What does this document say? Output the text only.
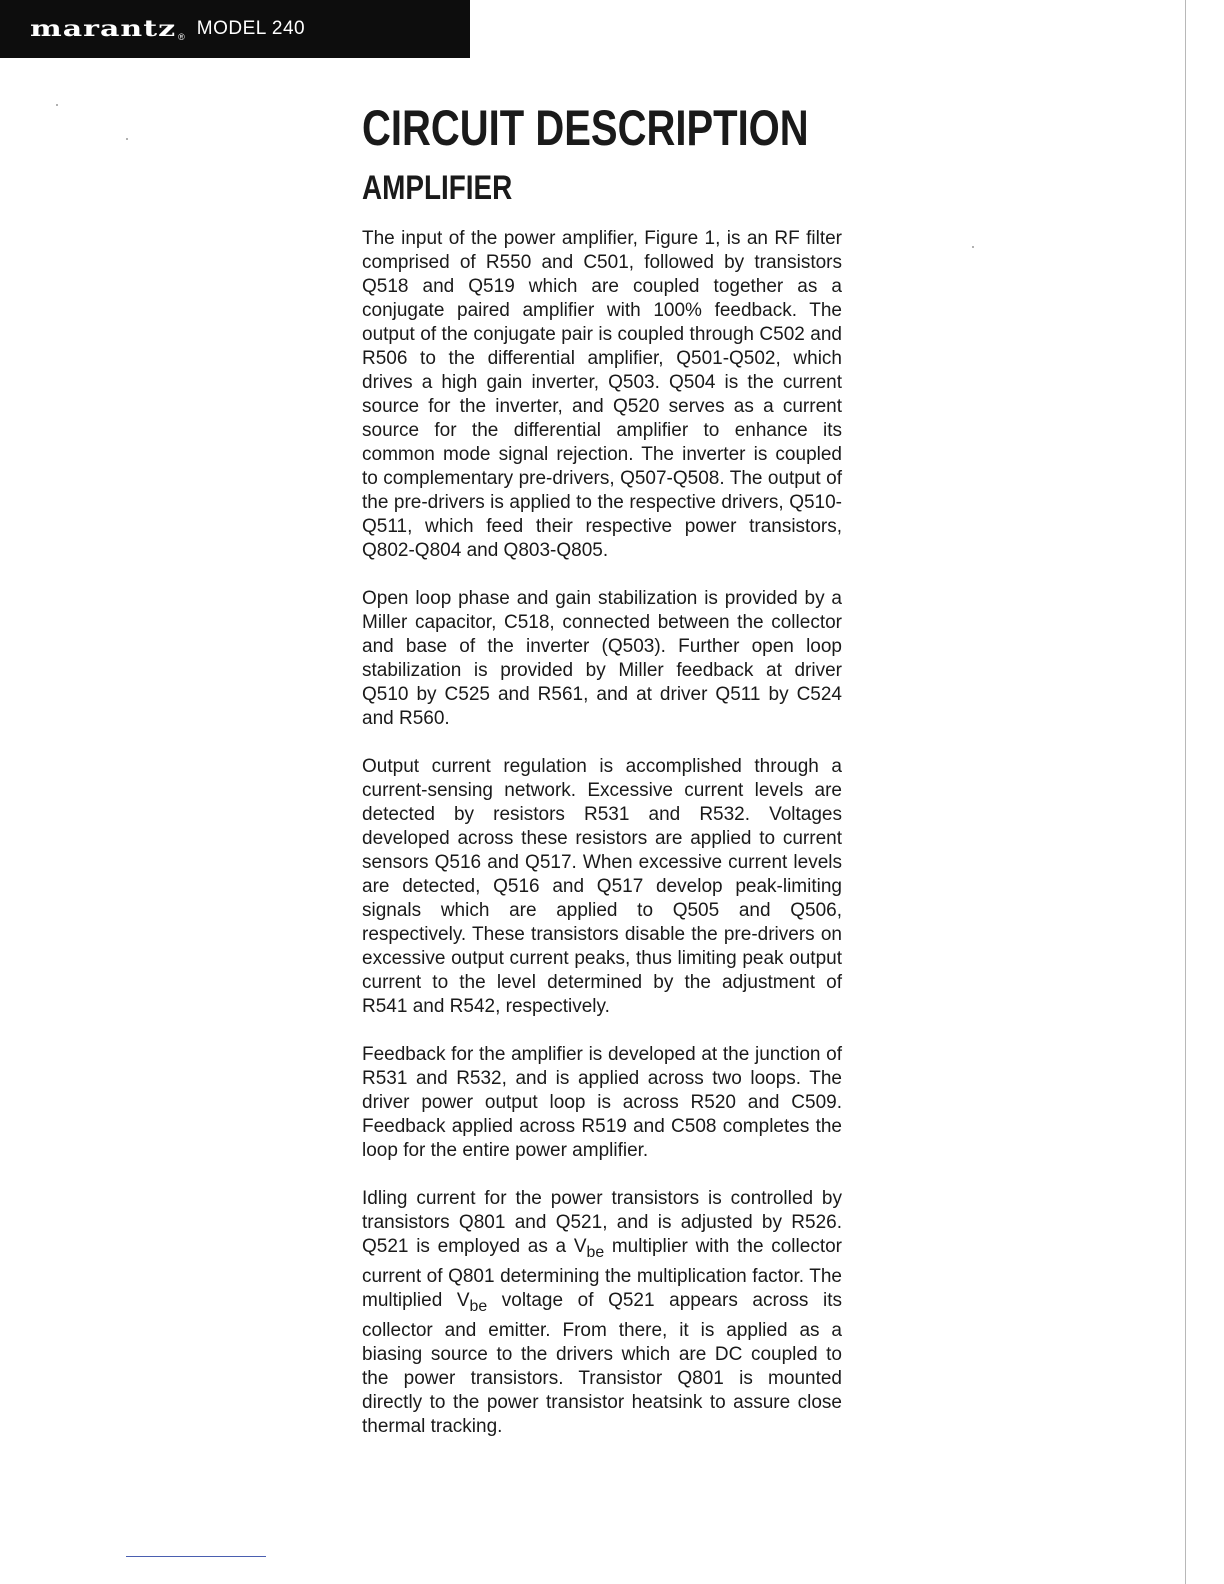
marantz ® MODEL 240
CIRCUIT DESCRIPTION
AMPLIFIER

The input of the power amplifier, Figure 1, is an RF filter comprised of R550 and C501, followed by transistors Q518 and Q519 which are coupled together as a conjugate paired amplifier with 100% feedback. The output of the conjugate pair is coupled through C502 and R506 to the differential amplifier, Q501-Q502, which drives a high gain inverter, Q503. Q504 is the current source for the inverter, and Q520 serves as a current source for the differential amplifier to enhance its common mode signal rejection. The inverter is coupled to complementary pre-drivers, Q507-Q508. The output of the pre-drivers is applied to the respective drivers, Q510-Q511, which feed their respective power transistors, Q802-Q804 and Q803-Q805.

Open loop phase and gain stabilization is provided by a Miller capacitor, C518, connected between the collector and base of the inverter (Q503). Further open loop stabilization is provided by Miller feedback at driver Q510 by C525 and R561, and at driver Q511 by C524 and R560.

Output current regulation is accomplished through a current-sensing network. Excessive current levels are detected by resistors R531 and R532. Voltages developed across these resistors are applied to current sensors Q516 and Q517. When excessive current levels are detected, Q516 and Q517 develop peak-limiting signals which are applied to Q505 and Q506, respectively. These transistors disable the pre-drivers on excessive output current peaks, thus limiting peak output current to the level determined by the adjustment of R541 and R542, respectively.

Feedback for the amplifier is developed at the junction of R531 and R532, and is applied across two loops. The driver power output loop is across R520 and C509. Feedback applied across R519 and C508 completes the loop for the entire power amplifier.

Idling current for the power transistors is controlled by transistors Q801 and Q521, and is adjusted by R526. Q521 is employed as a $V_{be}$ multiplier with the collector current of Q801 determining the multiplication factor. The multiplied $V_{be}$ voltage of Q521 appears across its collector and emitter. From there, it is applied as a biasing source to the drivers which are DC coupled to the power transistors. Transistor Q801 is mounted directly to the power transistor heatsink to assure close thermal tracking.
